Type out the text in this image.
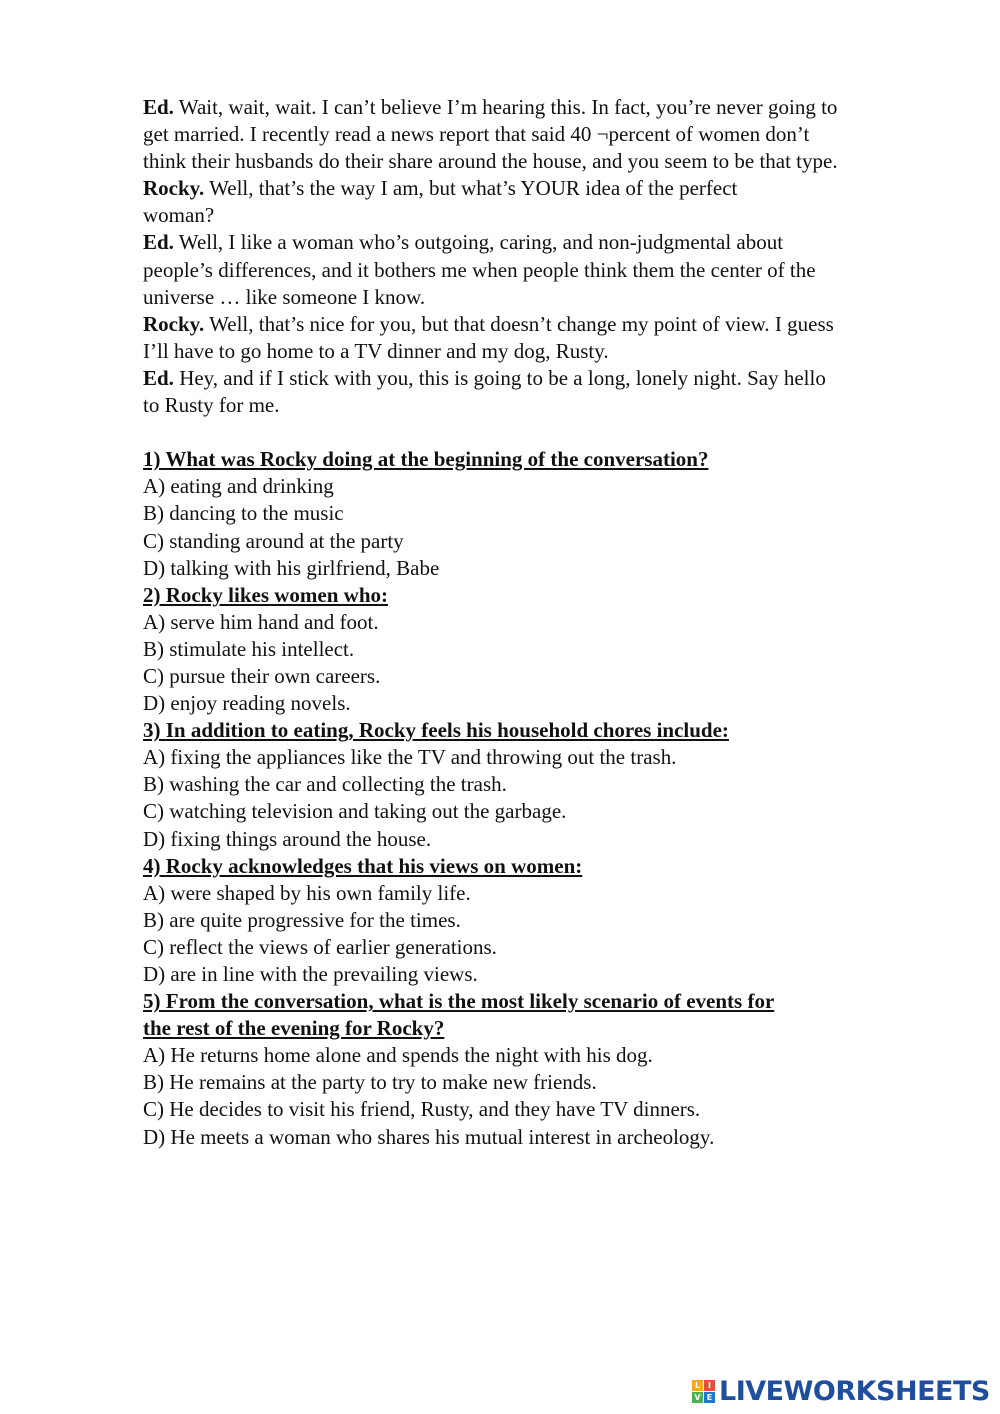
Ed. Wait, wait, wait. I can’t believe I’m hearing this. In fact, you’re never going to
get married. I recently read a news report that said 40 ¬percent of women don’t
think their husbands do their share around the house, and you seem to be that type.
Rocky. Well, that’s the way I am, but what’s YOUR idea of the perfect
woman?
Ed. Well, I like a woman who’s outgoing, caring, and non-judgmental about
people’s differences, and it bothers me when people think them the center of the
universe … like someone I know.
Rocky. Well, that’s nice for you, but that doesn’t change my point of view. I guess
I’ll have to go home to a TV dinner and my dog, Rusty.
Ed. Hey, and if I stick with you, this is going to be a long, lonely night. Say hello
to Rusty for me.
1) What was Rocky doing at the beginning of the conversation?
A) eating and drinking
B) dancing to the music
C) standing around at the party
D) talking with his girlfriend, Babe
2) Rocky likes women who:
A) serve him hand and foot.
B) stimulate his intellect.
C) pursue their own careers.
D) enjoy reading novels.
3) In addition to eating, Rocky feels his household chores include:
A) fixing the appliances like the TV and throwing out the trash.
B) washing the car and collecting the trash.
C) watching television and taking out the garbage.
D) fixing things around the house.
4) Rocky acknowledges that his views on women:
A) were shaped by his own family life.
B) are quite progressive for the times.
C) reflect the views of earlier generations.
D) are in line with the prevailing views.
5) From the conversation, what is the most likely scenario of events for
the rest of the evening for Rocky?
A) He returns home alone and spends the night with his dog.
B) He remains at the party to try to make new friends.
C) He decides to visit his friend, Rusty, and they have TV dinners.
D) He meets a woman who shares his mutual interest in archeology.
L I
V E LIVEWORKSHEETS
